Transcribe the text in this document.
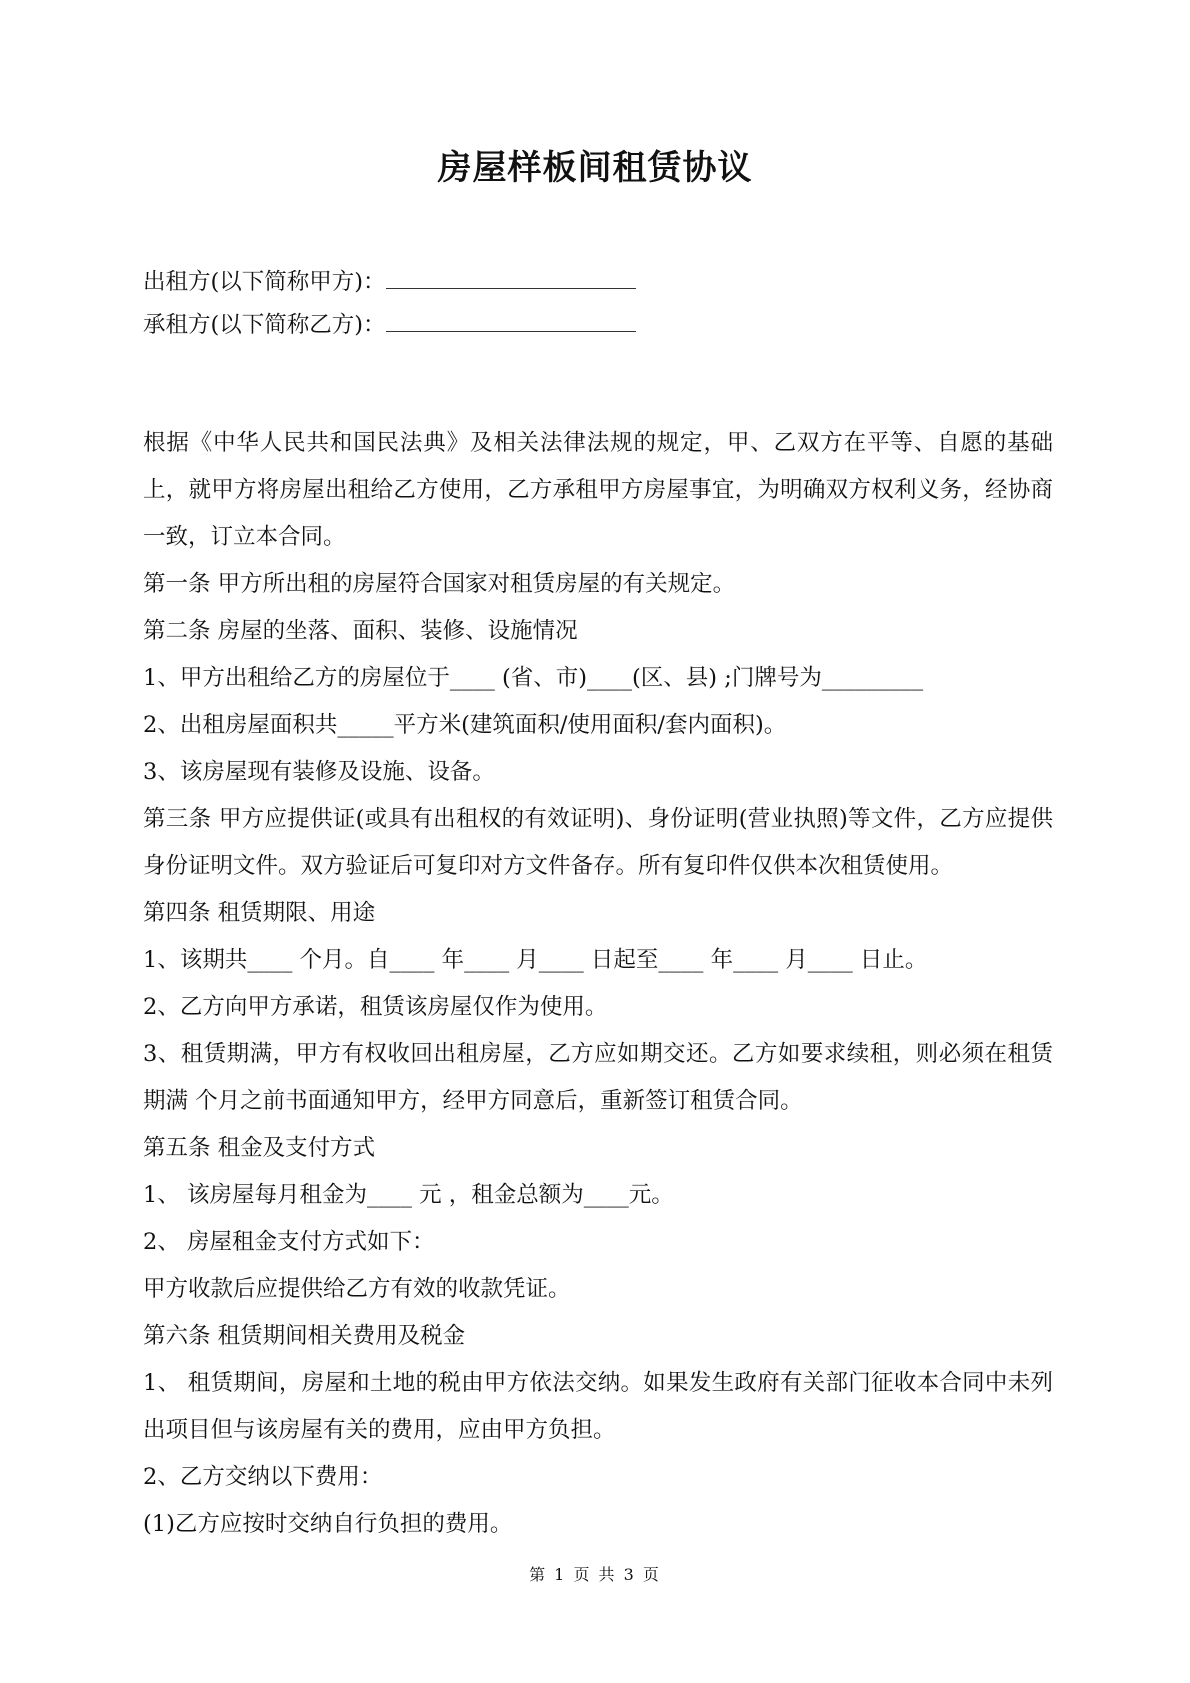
房屋样板间租赁协议
出租方(以下简称甲方)：
承租方(以下简称乙方)：

根据《中华人民共和国民法典》及相关法律法规的规定，甲、乙双方在平等、自愿的基础上，就甲方将房屋出租给乙方使用，乙方承租甲方房屋事宜，为明确双方权利义务，经协商一致，订立本合同。

第一条 甲方所出租的房屋符合国家对租赁房屋的有关规定。

第二条 房屋的坐落、面积、装修、设施情况

1、甲方出租给乙方的房屋位于____ (省、市)____(区、县) ;门牌号为_________

2、出租房屋面积共_____平方米(建筑面积/使用面积/套内面积)。

3、该房屋现有装修及设施、设备。

第三条 甲方应提供证(或具有出租权的有效证明)、身份证明(营业执照)等文件，乙方应提供身份证明文件。双方验证后可复印对方文件备存。所有复印件仅供本次租赁使用。

第四条 租赁期限、用途

1、该期共____ 个月。自____ 年____ 月____ 日起至____ 年____ 月____ 日止。

2、乙方向甲方承诺，租赁该房屋仅作为使用。

3、租赁期满，甲方有权收回出租房屋，乙方应如期交还。乙方如要求续租，则必须在租赁期满 个月之前书面通知甲方，经甲方同意后，重新签订租赁合同。

第五条 租金及支付方式

1、 该房屋每月租金为____ 元 ，租金总额为____元。

2、 房屋租金支付方式如下：

甲方收款后应提供给乙方有效的收款凭证。

第六条 租赁期间相关费用及税金

1、 租赁期间，房屋和土地的税由甲方依法交纳。如果发生政府有关部门征收本合同中未列出项目但与该房屋有关的费用，应由甲方负担。

2、乙方交纳以下费用：

(1)乙方应按时交纳自行负担的费用。

第 1 页 共 3 页
